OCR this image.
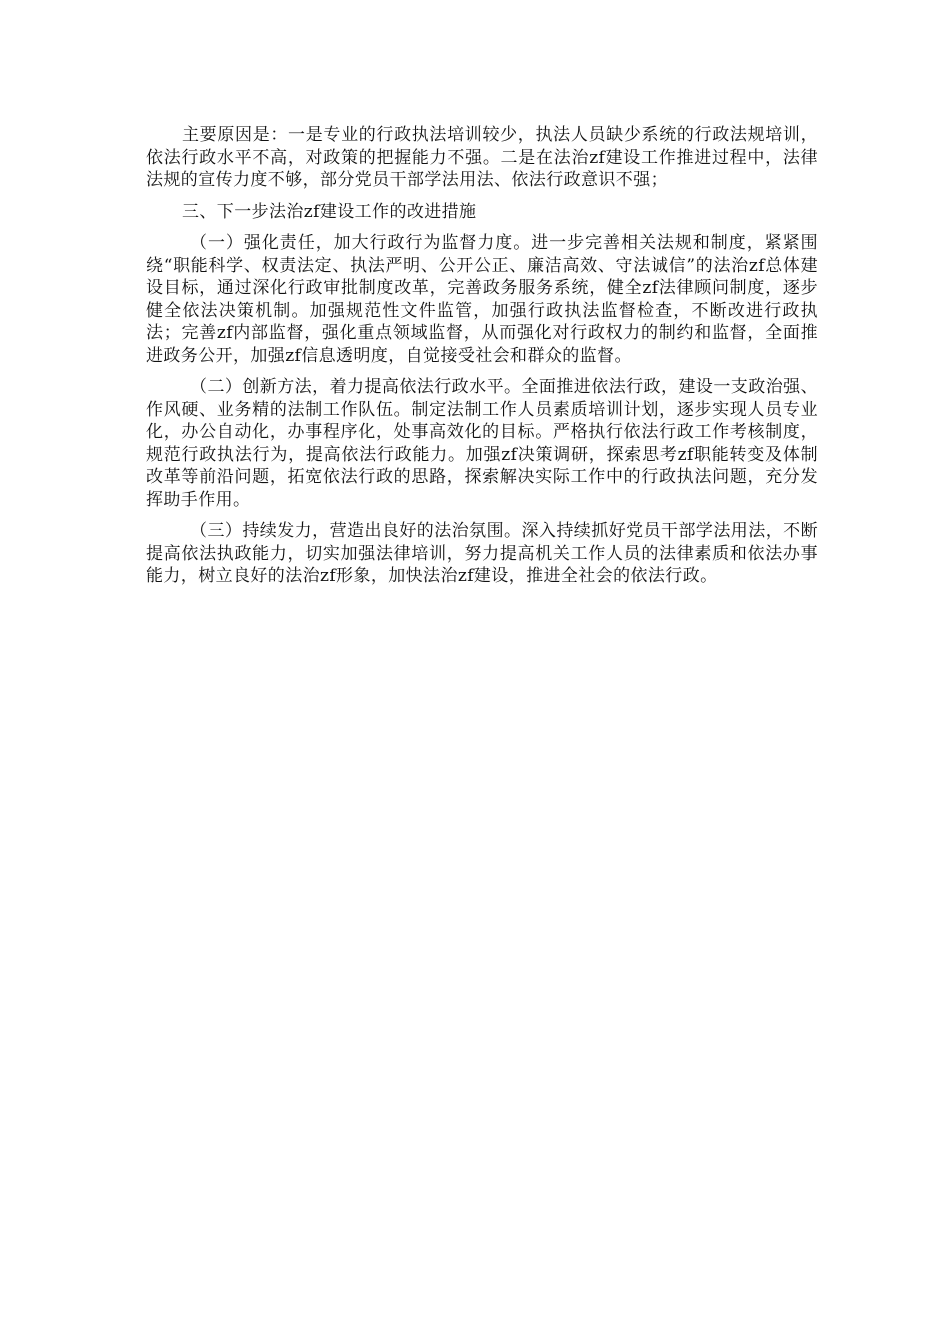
主要原因是：一是专业的行政执法培训较少，执法人员缺少系统的行政法规培训，依法行政水平不高，对政策的把握能力不强。二是在法治zf建设工作推进过程中，法律法规的宣传力度不够，部分党员干部学法用法、依法行政意识不强；

三、下一步法治zf建设工作的改进措施

（一）强化责任，加大行政行为监督力度。进一步完善相关法规和制度，紧紧围绕“职能科学、权责法定、执法严明、公开公正、廉洁高效、守法诚信”的法治zf总体建设目标，通过深化行政审批制度改革，完善政务服务系统，健全zf法律顾问制度，逐步健全依法决策机制。加强规范性文件监管，加强行政执法监督检查，不断改进行政执法；完善zf内部监督，强化重点领域监督，从而强化对行政权力的制约和监督，全面推进政务公开，加强zf信息透明度，自觉接受社会和群众的监督。

（二）创新方法，着力提高依法行政水平。全面推进依法行政，建设一支政治强、作风硬、业务精的法制工作队伍。制定法制工作人员素质培训计划，逐步实现人员专业化，办公自动化，办事程序化，处事高效化的目标。严格执行依法行政工作考核制度，规范行政执法行为，提高依法行政能力。加强zf决策调研，探索思考zf职能转变及体制改革等前沿问题，拓宽依法行政的思路，探索解决实际工作中的行政执法问题，充分发挥助手作用。

（三）持续发力，营造出良好的法治氛围。深入持续抓好党员干部学法用法，不断提高依法执政能力，切实加强法律培训，努力提高机关工作人员的法律素质和依法办事能力，树立良好的法治zf形象，加快法治zf建设，推进全社会的依法行政。
